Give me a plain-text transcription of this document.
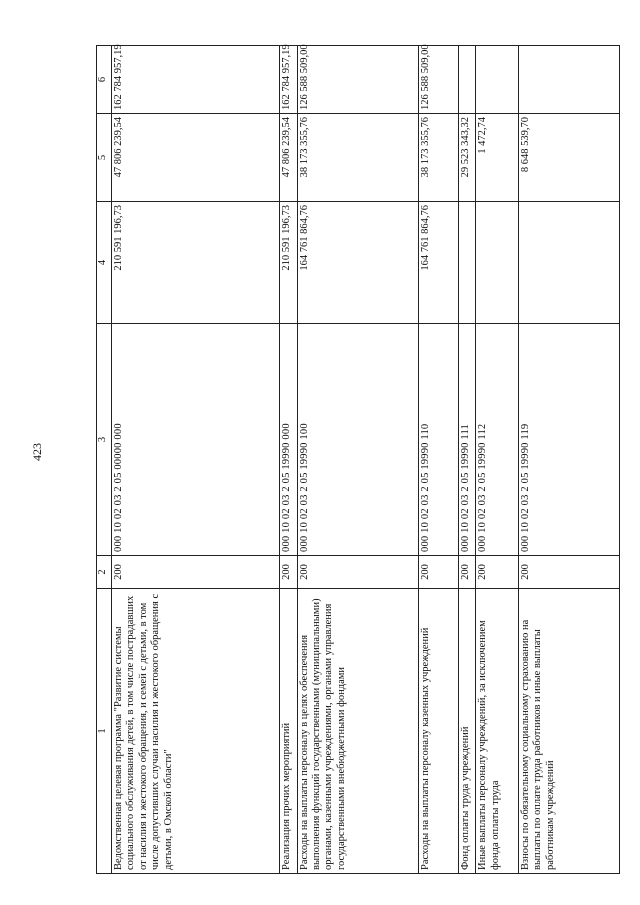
423
1	2	3	4	5	6
Ведомственная целевая программа "Развитие системы социального обслуживания детей, в том числе пострадавших от насилия и жестокого обращения, и семей с детьми, в том числе допустивших случаи насилия и жестокого обращения с детьми, в Омской области"	200	000 10 02 03 2 05 00000 000	210 591 196,73	47 806 239,54	162 784 957,19
Реализация прочих мероприятий	200	000 10 02 03 2 05 19990 000	210 591 196,73	47 806 239,54	162 784 957,19
Расходы на выплаты персоналу в целях обеспечения выполнения функций государственными (муниципальными) органами, казенными учреждениями, органами управления государственными внебюджетными фондами	200	000 10 02 03 2 05 19990 100	164 761 864,76	38 173 355,76	126 588 509,00
Расходы на выплаты персоналу казенных учреждений	200	000 10 02 03 2 05 19990 110	164 761 864,76	38 173 355,76	126 588 509,00
Фонд оплаты труда учреждений	200	000 10 02 03 2 05 19990 111		29 523 343,32	
Иные выплаты персоналу учреждений, за исключением фонда оплаты труда	200	000 10 02 03 2 05 19990 112		1 472,74	
Взносы по обязательному социальному страхованию на выплаты по оплате труда работников и иные выплаты работникам учреждений	200	000 10 02 03 2 05 19990 119		8 648 539,70	
